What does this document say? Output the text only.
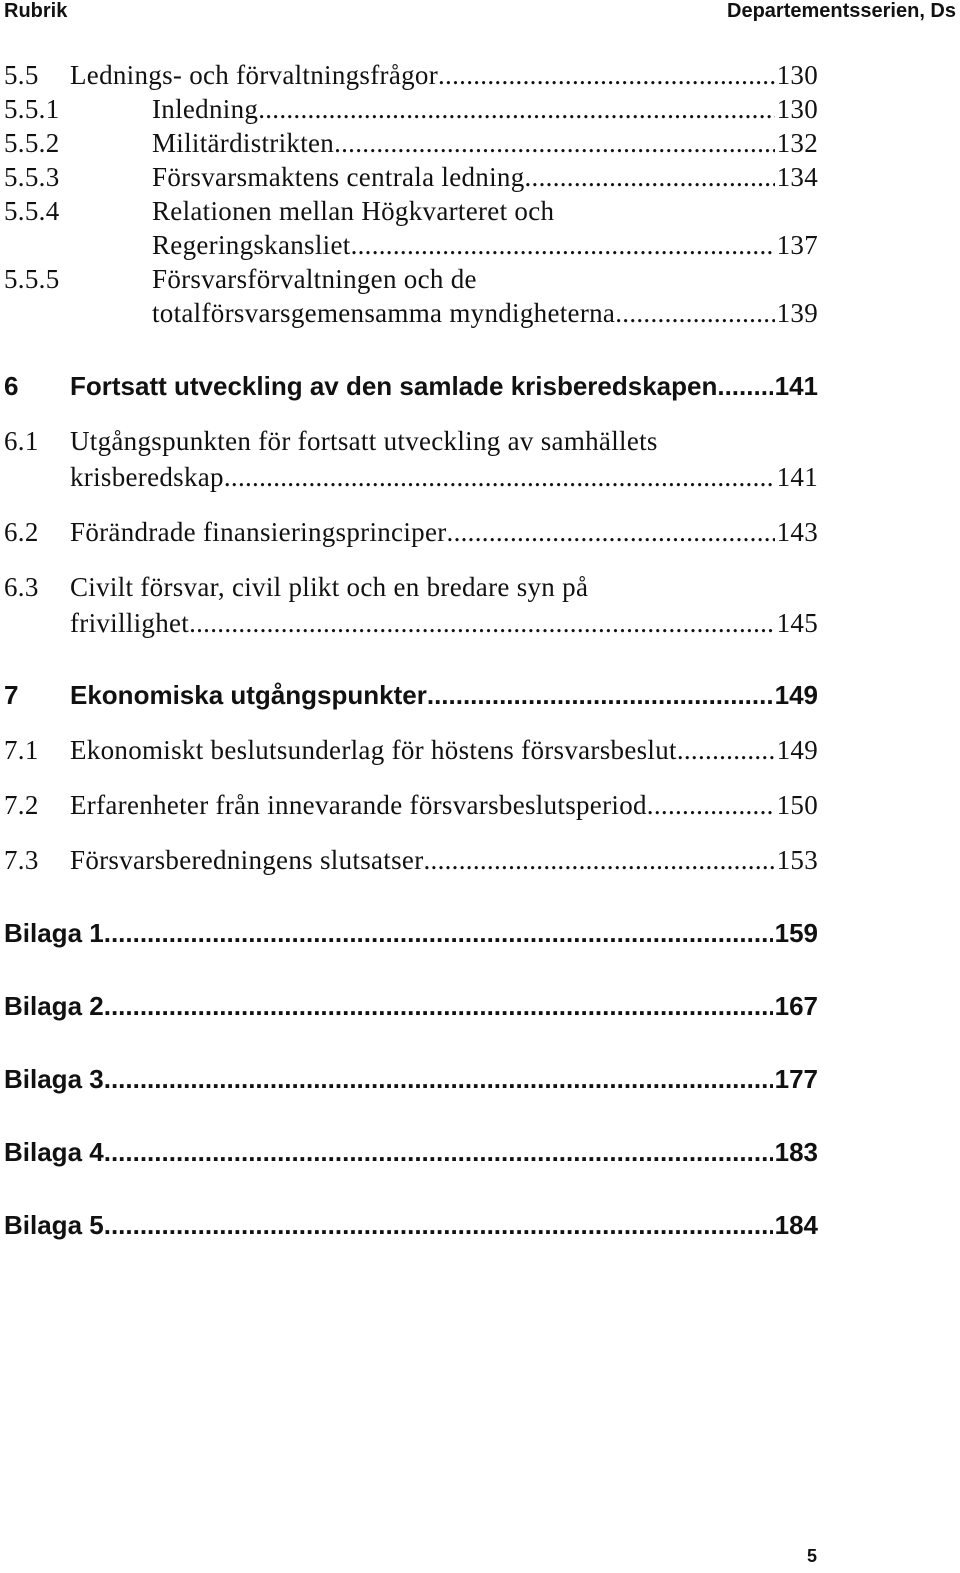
Rubrik	Departementsserien, Ds
5.5 Lednings- och förvaltningsfrågor .....	130
5.5.1	Inledning .....	130
5.5.2	Militärdistrikten .....	132
5.5.3	Försvarsmaktens centrala ledning .....	134
5.5.4	Relationen mellan Högkvarteret och
Regeringskansliet .....	137
5.5.5	Försvarsförvaltningen och de
totalförsvarsgemensamma myndigheterna .....	139
6 Fortsatt utveckling av den samlade krisberedskapen ..... 141
6.1 Utgångspunkten för fortsatt utveckling av samhällets
krisberedskap .....	141
6.2 Förändrade finansieringsprinciper .....	143
6.3 Civilt försvar, civil plikt och en bredare syn på
frivillighet .....	145
7 Ekonomiska utgångspunkter .....	149
7.1 Ekonomiskt beslutsunderlag för höstens försvarsbeslut .....	149
7.2 Erfarenheter från innevarande försvarsbeslutsperiod .....	150
7.3 Försvarsberedningens slutsatser .....	153
Bilaga 1 .....	159
Bilaga 2 .....	167
Bilaga 3 .....	177
Bilaga 4 .....	183
Bilaga 5 .....	184
5
